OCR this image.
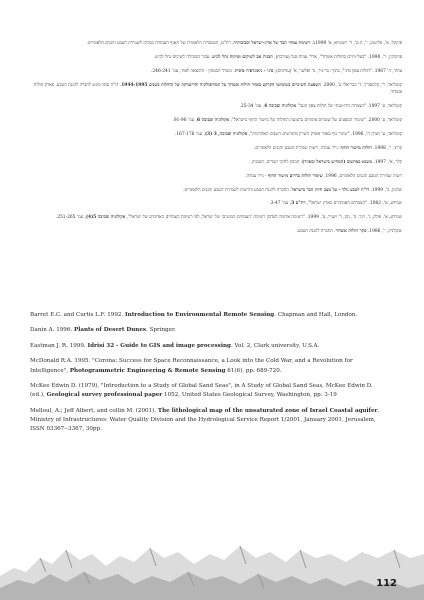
פרנקל, א', פליטמן, י', ה.ס', ד' וישטייא, א' 1999ב. רשימת צמחי הבר של ארץ-ישראל וסביבותיה. רת"ם, העשבייה הלאומית של האגף הצמחיה במרכז לשמירת הטבע והגנים הלאומיים.

פרומקין, ר', 1998. "בעלי-חיים בחולות אשדוד", אדר' עמית סגל (עורכת), תכנית אב לשיקום ופיתוח נחל לכיש. עבור המנהלה לשיקום נחל לכיש.

צחור, ה' 1967. "חולות צפון סיני", בתוך: בר-ניר, מ' ופלשר, א' (עורכים), סיני - גיאוגרפיה פיסית. משרד הבטחון - ההוצאה לאור, עמ' 246-241.

קוטליאר, ר', קלמפורך, ד' וגבריאלי ע', 2000. השפעת השינויים בשימושי הקרקע באזור חולות אשדוד על המורפולוגיה והדינמיקה של החולות בשנים 1944-1995. דו"ח סופי מוגש לחברה להגנת הטבע, פארק חולות אשדוד.

קוטליאר, ע' 1997. "הצמחה הדו-שנתי של חולות צפון הנגב" אקולוגיה וסביבה 4, עמ' 25-34.

קוטליאר, ע' 2000. "שימור המפעים של שטחים פתוחים ברצועת החולות של מישור החוף בישראל", אקולוגיה וסביבה 6, עמ' 91-96.

קוטליאר, ע' ושרון ה', 1996. "שינויי נוף באזור פארק השרון בחמישים השנים האחרונות", אקולוגיה וסביבה, 3 (3), עמ' 167-176.

קרוני, י', 1998. חולות מישור החוף. נייר עמדה, רשות שמירת הטבע והגנים הלאומיים.

קלר, א', 1997. משגא במחשוב (המחיש בישראל ובאזור). המכון לחקר המדים, הטכניון.

רשות שמירת הטבע והגנים הלאומיים, 1996. שימור חולות בדרום מישור החוף - נייר עמדה.

שלמון, ב', 1999. דו"ח לטבע גולד - על מצב חיות הבר בישראל. החברה להגנת הטבע והרשות לשמירת הטבע והגנים הלאומיים.

שמידע, א', 1982. "הצמחים האנדמיים בארץ ישראל", רת"ם 3, עמ' 3-47.

שמידע, א', פולק, ג', וינר, מ', נתן, ר' ושניר, צ', 1999. "רשימה אדומה לעדכון רשימת 'הצמחים המוגנים' של ישראל, לפי רשימת הצמחים האדומים של ישראל", אקולוגיה וסביבה 5(4), עמ' 251-265.

שקולניק, י', 1986. סקר חולות אשדוד. החברה להגנת הטבע.

Barret E.C. and Curtis L.F. 1992. Introduction to Environmental Remote Sensing. Chapman and Hall, London.

Danin A. 1996. Plants of Desert Dunes. Springer.

Eastman J. R. 1999. Idrisi 32 - Guide to GIS and image processing. Vol. 2, Clark university, U.S.A.

McDonald R.A. 1995. "Corona: Success for Space Reconnaissance, a Look into the Cold War, and a Revolution for Intelligence", Photogrammetric Engineering & Remote Sensing 61(6), pp. 689-720.

McKee Edwin D. (1979), "Introduction to a Study of Global Sand Seas", in A Study of Global Sand Seas, McKee Edwin D. (ed.), Geological survey professional paper 1052, United States Geological Survey, Washington, pp. 3-19

Melloul, A.; Jeff Albert, and collin M. (2001). The lithological map of the unsaturated zone of Israel Coastal aquifer. Ministry of Infrastructures: Water Quality Division and the Hydrological Service Report 1/2001, January 2001, Jerusalem, ISSN 03367--3367, 30pp.

112
